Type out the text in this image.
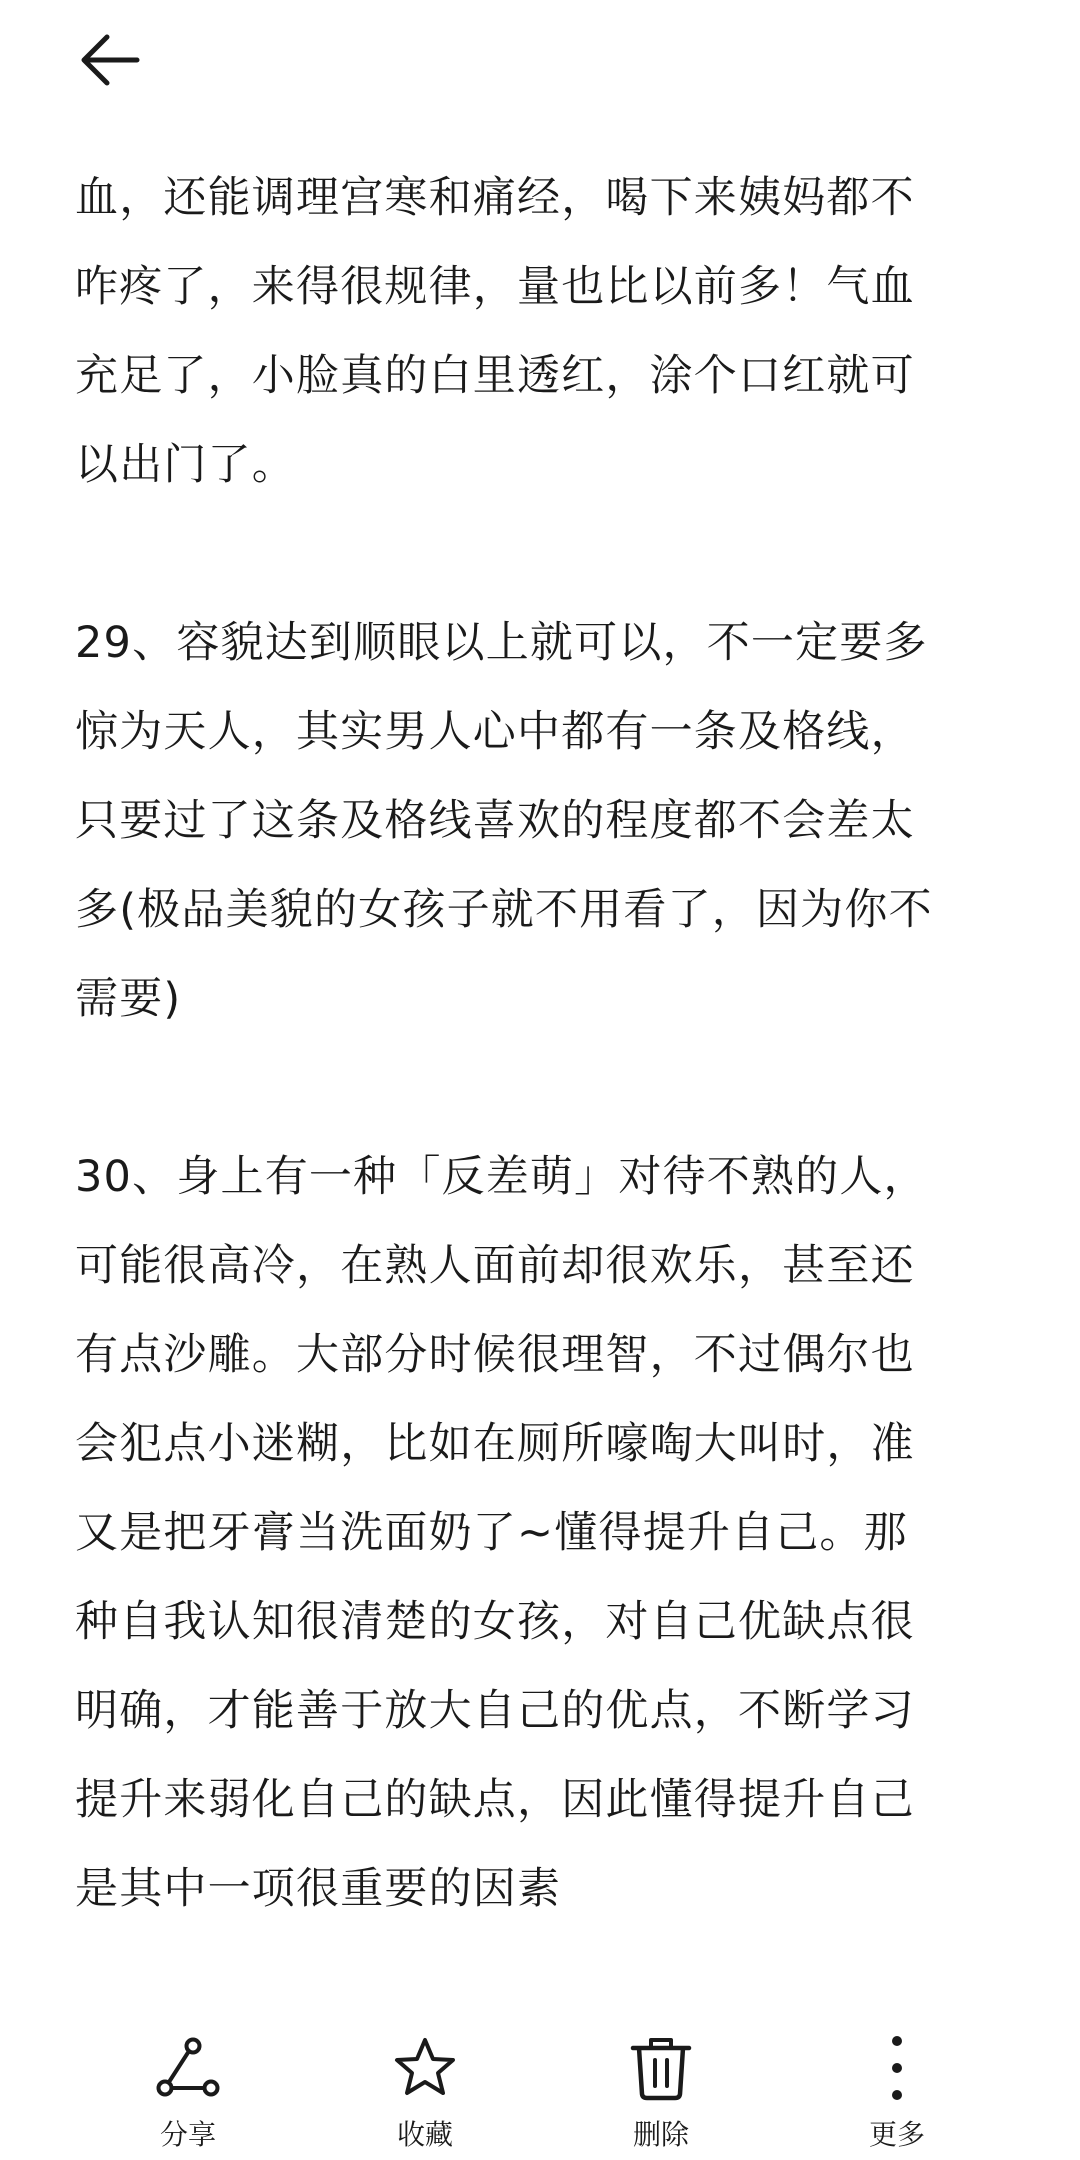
血，还能调理宫寒和痛经，喝下来姨妈都不
咋疼了，来得很规律，量也比以前多！气血
充足了，小脸真的白里透红，涂个口红就可
以出门了。

29、容貌达到顺眼以上就可以，不一定要多
惊为天人，其实男人心中都有一条及格线，
只要过了这条及格线喜欢的程度都不会差太
多(极品美貌的女孩子就不用看了，因为你不
需要)

30、身上有一种「反差萌」对待不熟的人，
可能很高冷，在熟人面前却很欢乐，甚至还
有点沙雕。大部分时候很理智，不过偶尔也
会犯点小迷糊，比如在厕所嚎啕大叫时，准
又是把牙膏当洗面奶了~懂得提升自己。那
种自我认知很清楚的女孩，对自己优缺点很
明确，才能善于放大自己的优点，不断学习
提升来弱化自己的缺点，因此懂得提升自己
是其中一项很重要的因素

分享	收藏	删除	更多
